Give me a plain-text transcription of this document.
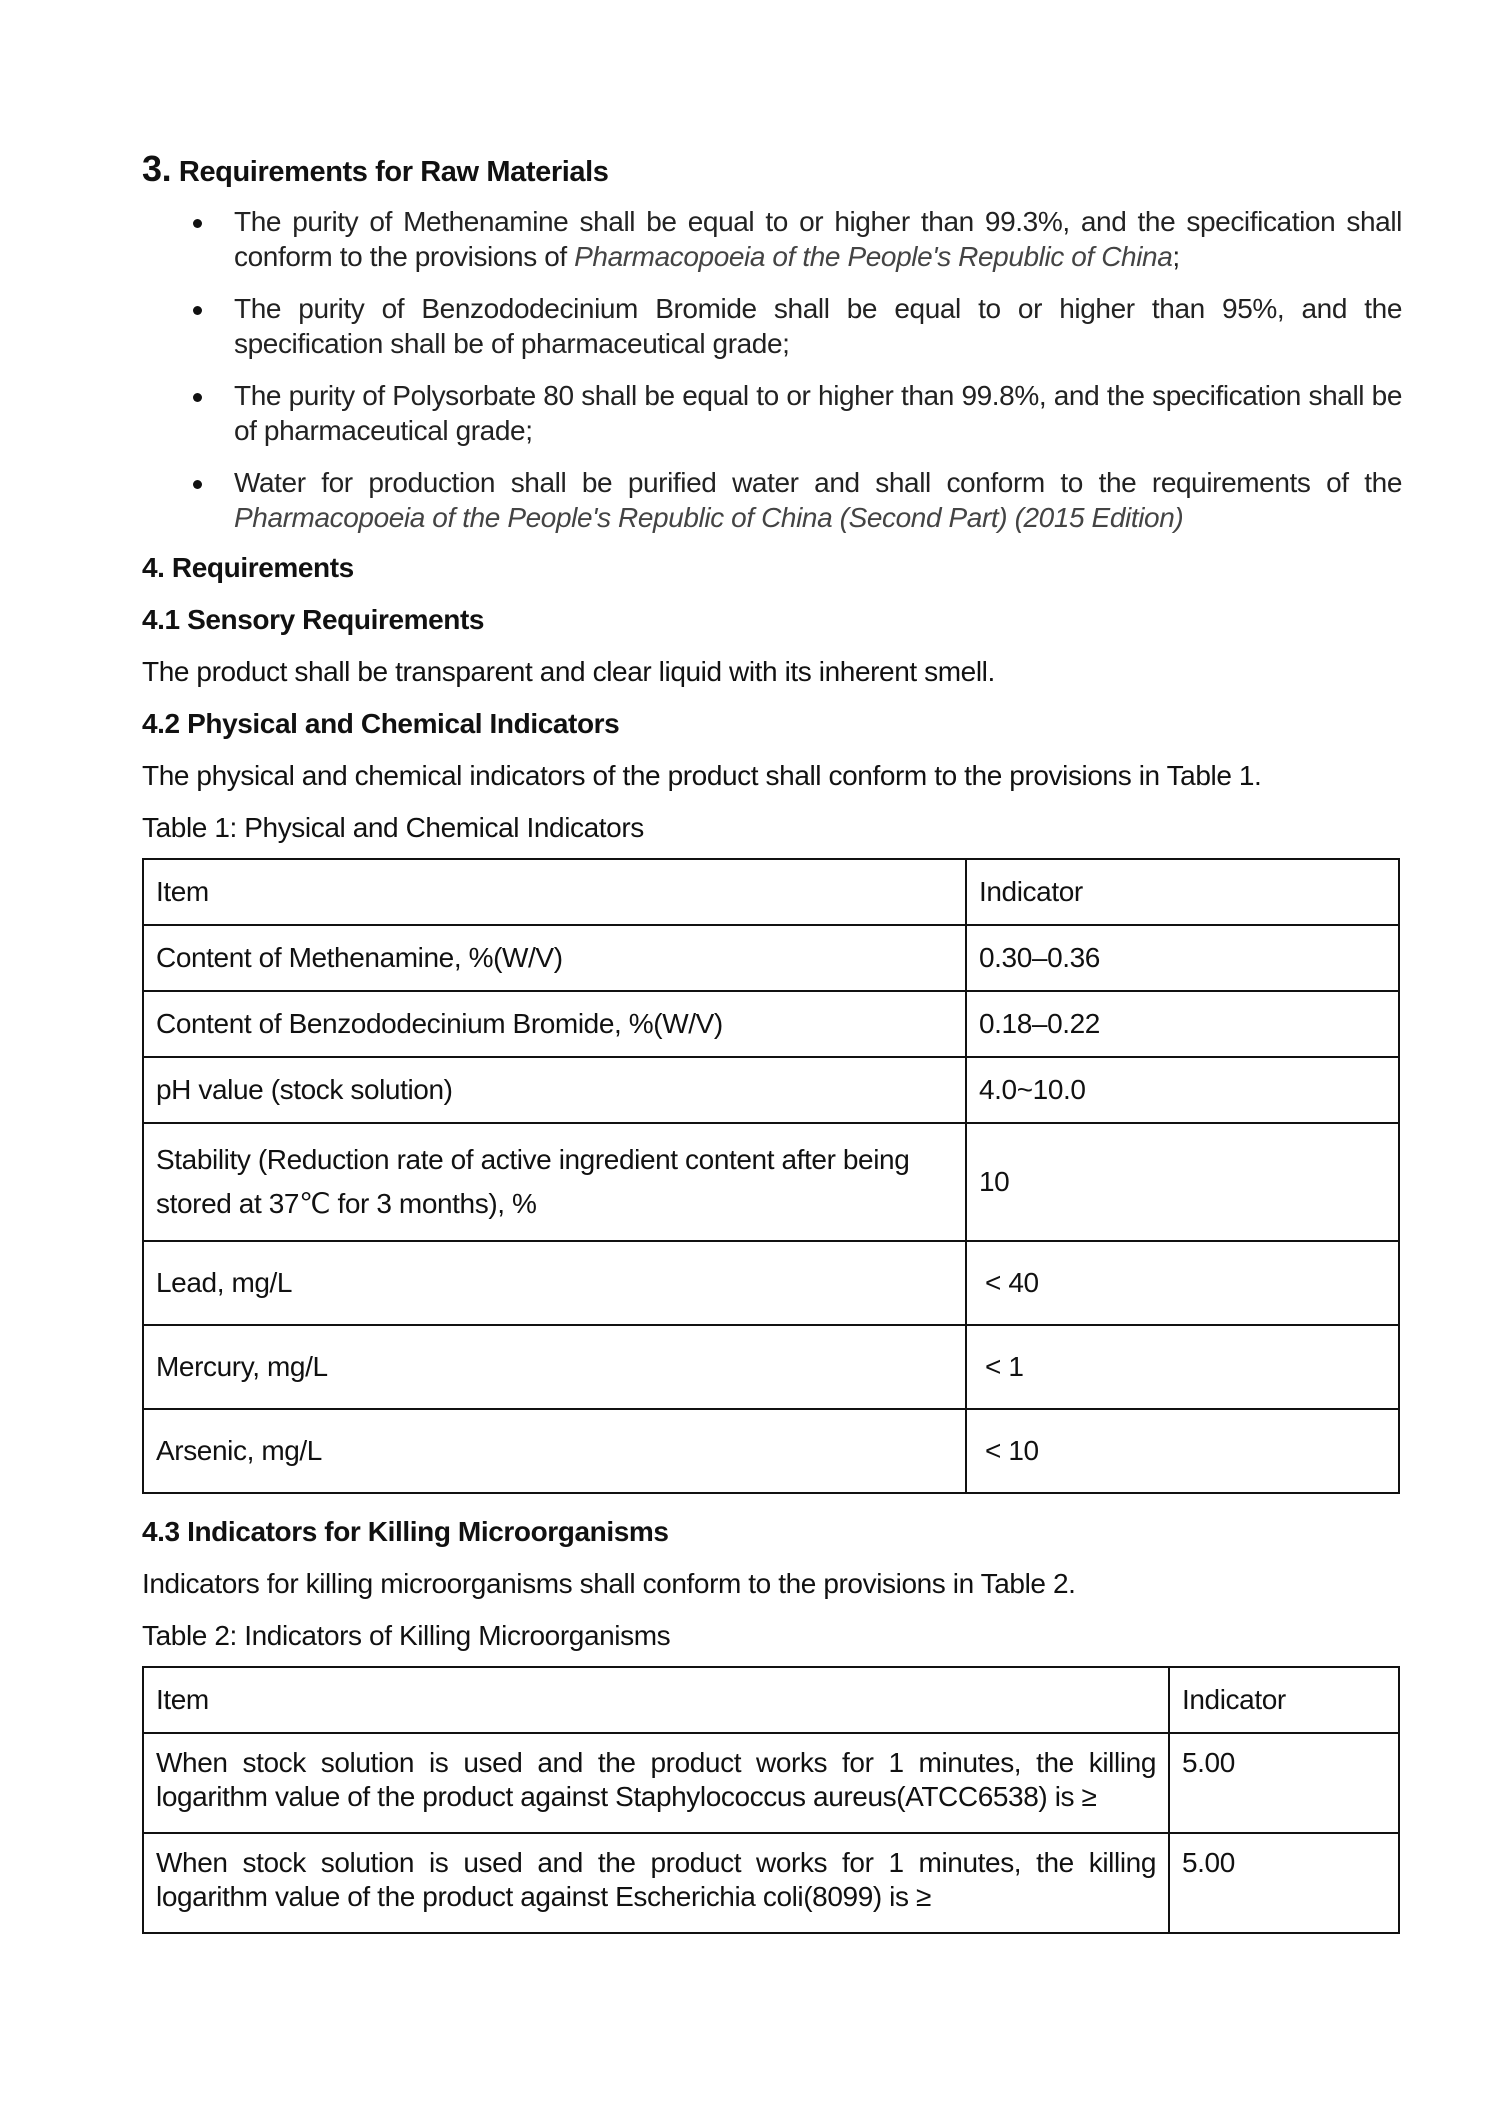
3. Requirements for Raw Materials
The purity of Methenamine shall be equal to or higher than 99.3%, and the specification shall conform to the provisions of Pharmacopoeia of the People's Republic of China;
The purity of Benzododecinium Bromide shall be equal to or higher than 95%, and the specification shall be of pharmaceutical grade;
The purity of Polysorbate 80 shall be equal to or higher than 99.8%, and the specification shall be of pharmaceutical grade;
Water for production shall be purified water and shall conform to the requirements of the Pharmacopoeia of the People's Republic of China (Second Part) (2015 Edition)

4. Requirements

4.1 Sensory Requirements

The product shall be transparent and clear liquid with its inherent smell.

4.2 Physical and Chemical Indicators

The physical and chemical indicators of the product shall conform to the provisions in Table 1.

Table 1: Physical and Chemical Indicators

Item	Indicator
Content of Methenamine, %(W/V)	0.30–0.36
Content of Benzododecinium Bromide, %(W/V)	0.18–0.22
pH value (stock solution)	4.0~10.0
Stability (Reduction rate of active ingredient content after being stored at 37℃ for 3 months), %	10
Lead, mg/L	< 40
Mercury, mg/L	< 1
Arsenic, mg/L	< 10

4.3 Indicators for Killing Microorganisms

Indicators for killing microorganisms shall conform to the provisions in Table 2.

Table 2: Indicators of Killing Microorganisms

Item	Indicator
When stock solution is used and the product works for 1 minutes, the killing logarithm value of the product against Staphylococcus aureus(ATCC6538) is ≥	5.00
When stock solution is used and the product works for 1 minutes, the killing logarithm value of the product against Escherichia coli(8099) is ≥	5.00
